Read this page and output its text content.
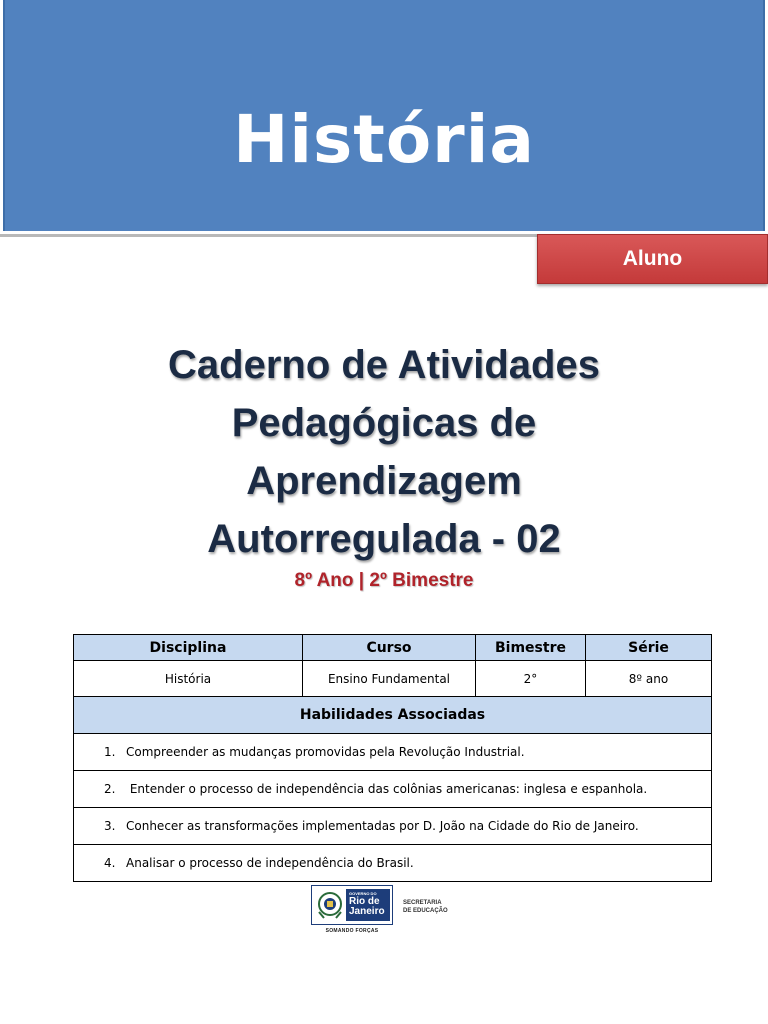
História
Aluno
Caderno de Atividades
Pedagógicas de
Aprendizagem
Autorregulada - 02
8º Ano | 2º Bimestre
Disciplina	Curso	Bimestre	Série
História	Ensino Fundamental	2°	8º ano
Habilidades Associadas			
1. Compreender as mudanças promovidas pela Revolução Industrial.			
2. Entender o processo de independência das colônias americanas: inglesa e espanhola.			
3. Conhecer as transformações implementadas por D. João na Cidade do Rio de Janeiro.			
4. Analisar o processo de independência do Brasil.			
GOVERNO DO
Rio de
Janeiro
SOMANDO FORÇAS
SECRETARIA
DE EDUCAÇÃO
